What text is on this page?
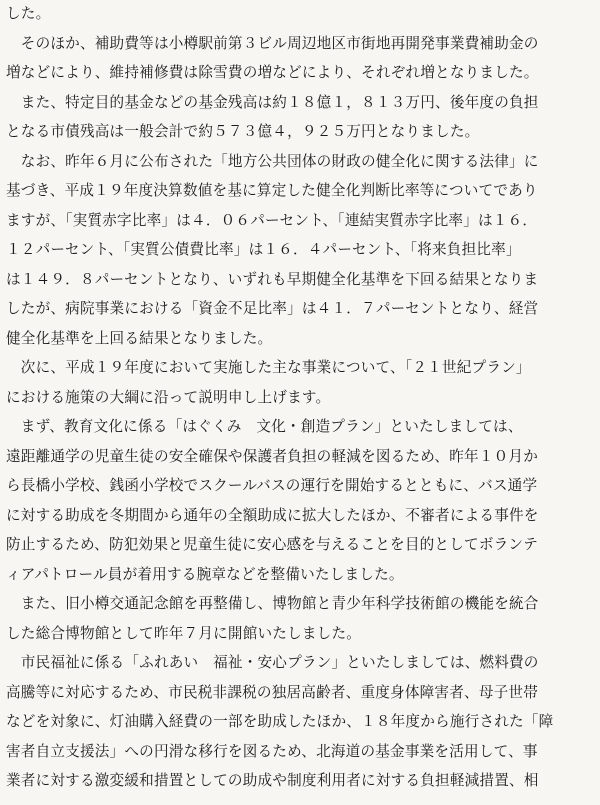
した。
　そのほか、補助費等は小樽駅前第３ビル周辺地区市街地再開発事業費補助金の
増などにより、維持補修費は除雪費の増などにより、それぞれ増となりました。
　また、特定目的基金などの基金残高は約１８億１，８１３万円、後年度の負担
となる市債残高は一般会計で約５７３億４，９２５万円となりました。
　なお、昨年６月に公布された「地方公共団体の財政の健全化に関する法律」に
基づき、平成１９年度決算数値を基に算定した健全化判断比率等についてであり
ますが、「実質赤字比率」は４．０６パーセント、「連結実質赤字比率」は１６．
１２パーセント、「実質公債費比率」は１６．４パーセント、「将来負担比率」
は１４９．８パーセントとなり、いずれも早期健全化基準を下回る結果となりま
したが、病院事業における「資金不足比率」は４１．７パーセントとなり、経営
健全化基準を上回る結果となりました。
　次に、平成１９年度において実施した主な事業について、「２１世紀プラン」
における施策の大綱に沿って説明申し上げます。
　まず、教育文化に係る「はぐくみ　文化・創造プラン」といたしましては、
遠距離通学の児童生徒の安全確保や保護者負担の軽減を図るため、昨年１０月か
ら長橋小学校、銭函小学校でスクールバスの運行を開始するとともに、バス通学
に対する助成を冬期間から通年の全額助成に拡大したほか、不審者による事件を
防止するため、防犯効果と児童生徒に安心感を与えることを目的としてボランテ
ィアパトロール員が着用する腕章などを整備いたしました。
　また、旧小樽交通記念館を再整備し、博物館と青少年科学技術館の機能を統合
した総合博物館として昨年７月に開館いたしました。
　市民福祉に係る「ふれあい　福祉・安心プラン」といたしましては、燃料費の
高騰等に対応するため、市民税非課税の独居高齢者、重度身体障害者、母子世帯
などを対象に、灯油購入経費の一部を助成したほか、１８年度から施行された「障
害者自立支援法」への円滑な移行を図るため、北海道の基金事業を活用して、事
業者に対する激変緩和措置としての助成や制度利用者に対する負担軽減措置、相
